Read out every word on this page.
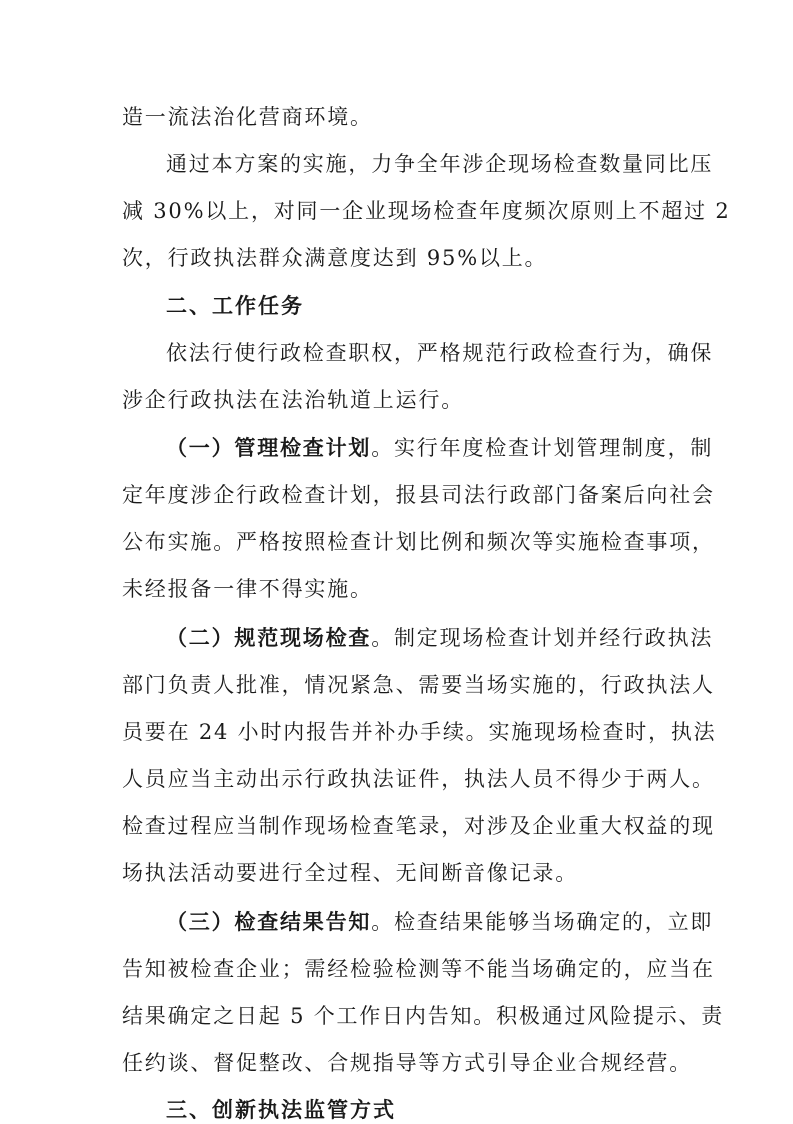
造一流法治化营商环境。
通过本方案的实施，力争全年涉企现场检查数量同比压
减 30%以上，对同一企业现场检查年度频次原则上不超过 2
次，行政执法群众满意度达到 95%以上。
二、工作任务
依法行使行政检查职权，严格规范行政检查行为，确保
涉企行政执法在法治轨道上运行。
（一）管理检查计划。实行年度检查计划管理制度，制
定年度涉企行政检查计划，报县司法行政部门备案后向社会
公布实施。严格按照检查计划比例和频次等实施检查事项，
未经报备一律不得实施。
（二）规范现场检查。制定现场检查计划并经行政执法
部门负责人批准，情况紧急、需要当场实施的，行政执法人
员要在 24 小时内报告并补办手续。实施现场检查时，执法
人员应当主动出示行政执法证件，执法人员不得少于两人。
检查过程应当制作现场检查笔录，对涉及企业重大权益的现
场执法活动要进行全过程、无间断音像记录。
（三）检查结果告知。检查结果能够当场确定的，立即
告知被检查企业；需经检验检测等不能当场确定的，应当在
结果确定之日起 5 个工作日内告知。积极通过风险提示、责
任约谈、督促整改、合规指导等方式引导企业合规经营。
三、创新执法监管方式
